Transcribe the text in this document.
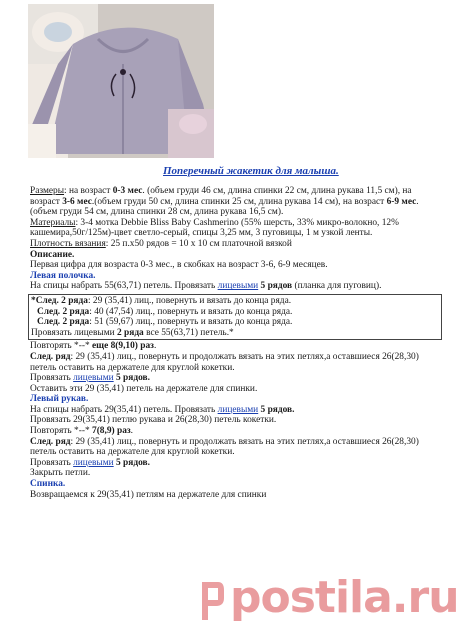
Поперечный жакетик для малыша.

Размеры: на возраст 0-3 мес. (объем груди 46 см, длина спинки 22 см, длина рукава 11,5 см), на возраст 3-6 мес.(объем груди 50 см, длина спинки 25 см, длина рукава 14 см), на возраст 6-9 мес. (объем груди 54 см, длина спинки 28 см, длина рукава 16,5 см).

Материалы: 3-4 мотка Debbie Bliss Baby Cashmerino (55% шерсть, 33% микро-волокно, 12% кашемира,50г/125м)-цвет светло-серый, спицы 3,25 мм, 3 пуговицы, 1 м узкой ленты.

Плотность вязания: 25 п.х50 рядов = 10 х 10 см платочной вязкой

Описание.

Первая цифра для возраста 0-3 мес., в скобках на возраст 3-6, 6-9 месяцев.

Левая полочка.

На спицы набрать 55(63,71) петель. Провязать лицевыми 5 рядов (планка для пуговиц).

*След. 2 ряда: 29 (35,41) лиц., повернуть и вязать до конца ряда.

След. 2 ряда: 40 (47,54) лиц., повернуть и вязать до конца ряда.

След. 2 ряда: 51 (59,67) лиц., повернуть и вязать до конца ряда.

Провязать лицевыми 2 ряда все 55(63,71) петель.*

Повторять *--* еще 8(9,10) раз.

След. ряд: 29 (35,41) лиц., повернуть и продолжать вязать на этих петлях,а оставшиеся 26(28,30) петель оставить на держателе для круглой кокетки.

Провязать лицевыми 5 рядов.

Оставить эти 29 (35,41) петель на держателе для спинки.

Левый рукав.

На спицы набрать 29(35,41) петель. Провязать лицевыми 5 рядов.

Провязать 29(35,41) петлю рукава и 26(28,30) петель кокетки.

Повторять *--* 7(8,9) раз.

След. ряд: 29 (35,41) лиц., повернуть и продолжать вязать на этих петлях,а оставшиеся 26(28,30) петель оставить на держателе для круглой кокетки.

Провязать лицевыми 5 рядов.

Закрыть петли.

Спинка.

Возвращаемся к 29(35,41) петлям на держателе для спинки

postila.ru
